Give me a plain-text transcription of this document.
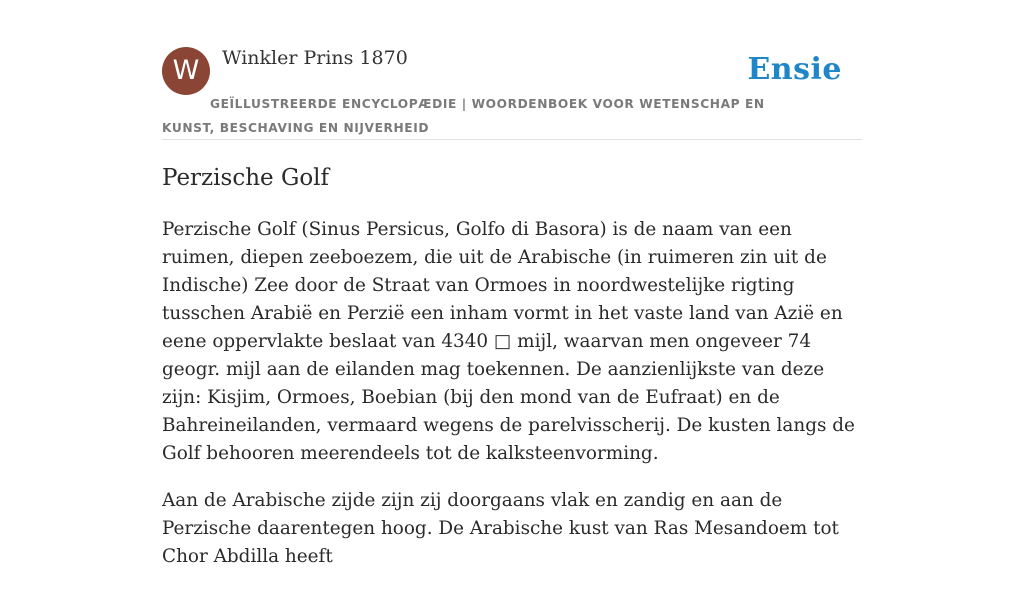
W	Winkler Prins 1870	Ensie
GEÏLLUSTREERDE ENCYCLOPÆDIE | WOORDENBOEK VOOR WETENSCHAP EN KUNST, BESCHAVING EN NIJVERHEID
Perzische Golf

Perzische Golf (Sinus Persicus, Golfo di Basora) is de naam van een ruimen, diepen zeeboezem, die uit de Arabische (in ruimeren zin uit de Indische) Zee door de Straat van Ormoes in noordwestelijke rigting tusschen Arabië en Perzië een inham vormt in het vaste land van Azië en eene oppervlakte beslaat van 4340 □ mijl, waarvan men ongeveer 74 geogr. mijl aan de eilanden mag toekennen. De aanzienlijkste van deze zijn: Kisjim, Ormoes, Boebian (bij den mond van de Eufraat) en de Bahreineilanden, vermaard wegens de parelvisscherij. De kusten langs de Golf behooren meerendeels tot de kalksteenvorming.

Aan de Arabische zijde zijn zij doorgaans vlak en zandig en aan de Perzische daarentegen hoog. De Arabische kust van Ras Mesandoem tot Chor Abdilla heeft
